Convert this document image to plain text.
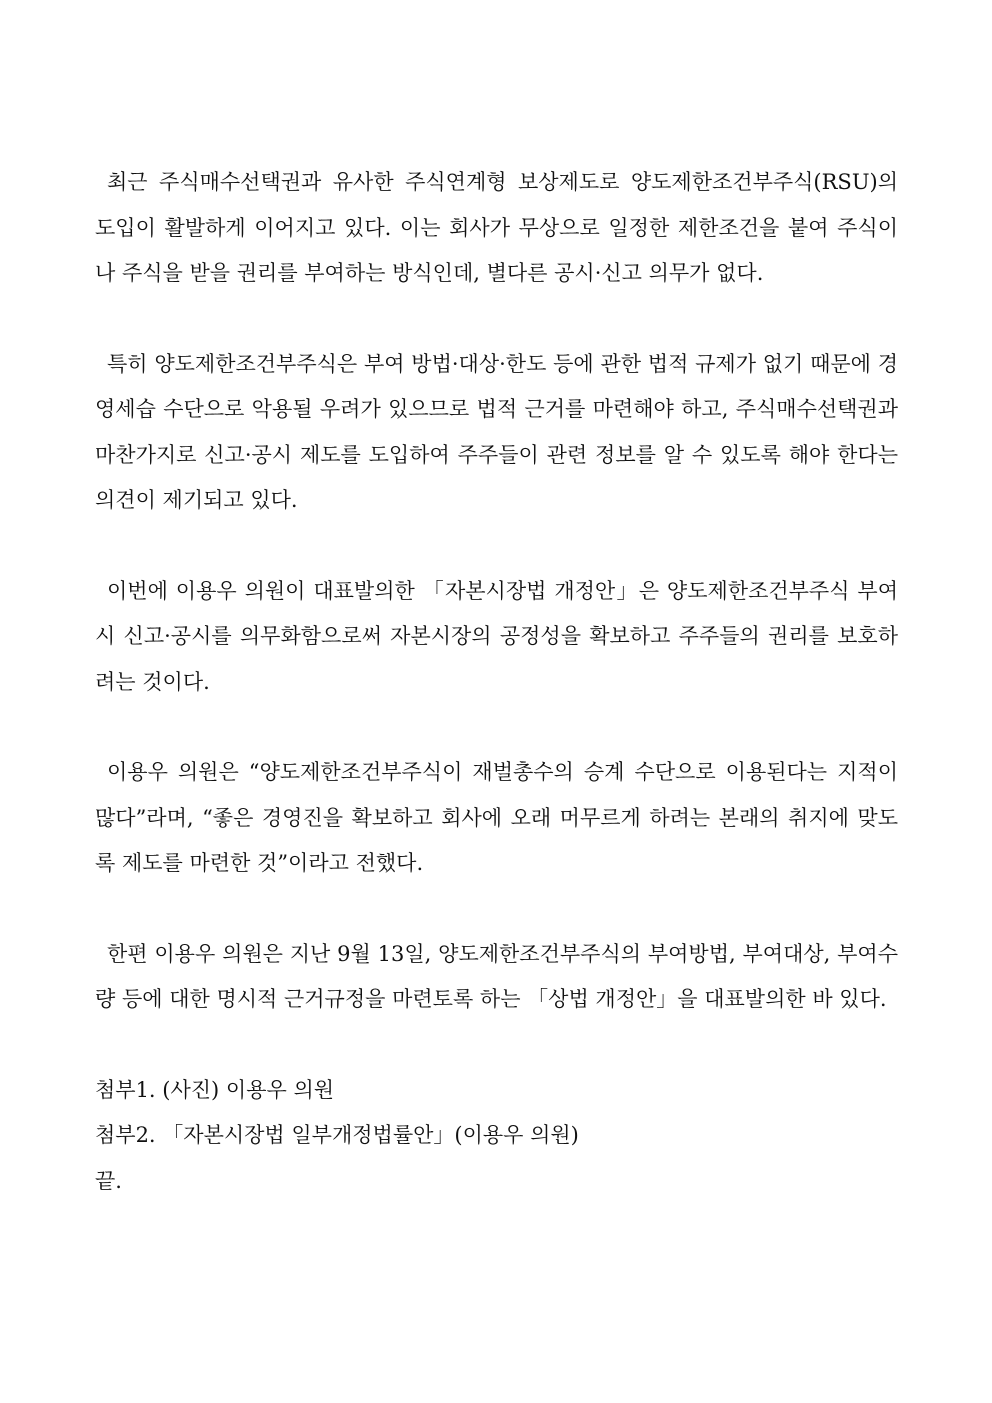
최근 주식매수선택권과 유사한 주식연계형 보상제도로 양도제한조건부주식(RSU)의 도입이 활발하게 이어지고 있다. 이는 회사가 무상으로 일정한 제한조건을 붙여 주식이나 주식을 받을 권리를 부여하는 방식인데, 별다른 공시·신고 의무가 없다.

특히 양도제한조건부주식은 부여 방법·대상·한도 등에 관한 법적 규제가 없기 때문에 경영세습 수단으로 악용될 우려가 있으므로 법적 근거를 마련해야 하고, 주식매수선택권과 마찬가지로 신고·공시 제도를 도입하여 주주들이 관련 정보를 알 수 있도록 해야 한다는 의견이 제기되고 있다.

이번에 이용우 의원이 대표발의한 「자본시장법 개정안」은 양도제한조건부주식 부여 시 신고·공시를 의무화함으로써 자본시장의 공정성을 확보하고 주주들의 권리를 보호하려는 것이다.

이용우 의원은 “양도제한조건부주식이 재벌총수의 승계 수단으로 이용된다는 지적이 많다”라며, “좋은 경영진을 확보하고 회사에 오래 머무르게 하려는 본래의 취지에 맞도록 제도를 마련한 것”이라고 전했다.

한편 이용우 의원은 지난 9월 13일, 양도제한조건부주식의 부여방법, 부여대상, 부여수량 등에 대한 명시적 근거규정을 마련토록 하는 「상법 개정안」을 대표발의한 바 있다.

첨부1. (사진) 이용우 의원

첨부2. 「자본시장법 일부개정법률안」(이용우 의원)

끝.
